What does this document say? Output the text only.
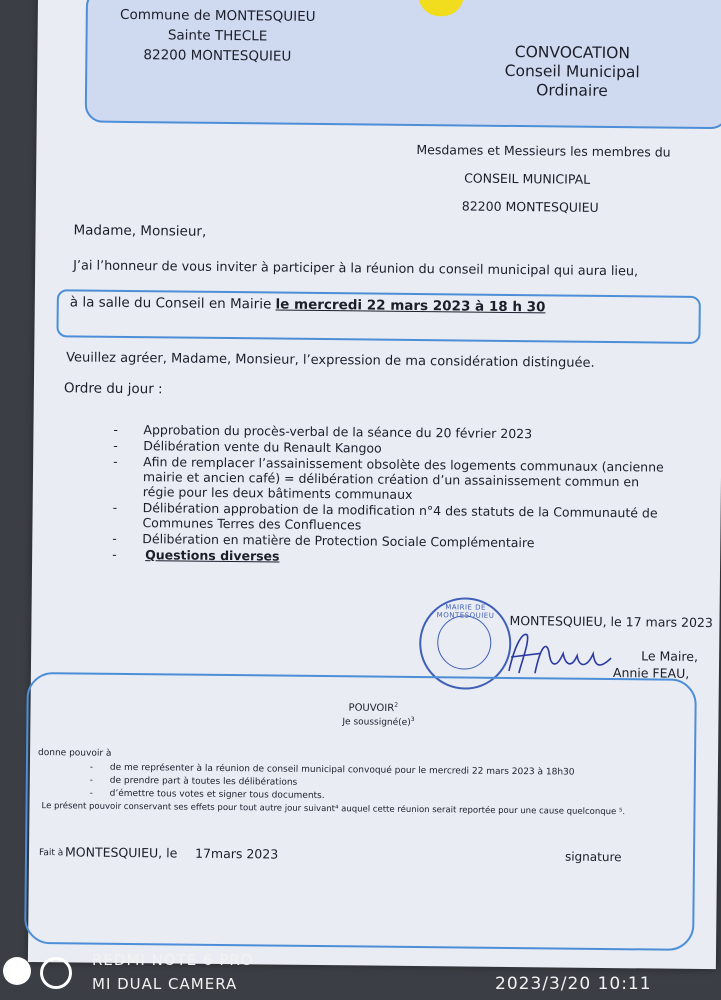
Commune de MONTESQUIEU
Sainte THECLE
82200 MONTESQUIEU	CONVOCATION
Conseil Municipal
Ordinaire
Mesdames et Messieurs les membres du
CONSEIL MUNICIPAL
82200 MONTESQUIEU
Madame, Monsieur,
J’ai l’honneur de vous inviter à participer à la réunion du conseil municipal qui aura lieu,
à la salle du Conseil en Mairie le mercredi 22 mars 2023 à 18 h 30
Veuillez agréer, Madame, Monsieur, l’expression de ma considération distinguée.
Ordre du jour :
- Approbation du procès-verbal de la séance du 20 février 2023
- Délibération vente du Renault Kangoo
- Afin de remplacer l’assainissement obsolète des logements communaux (ancienne mairie et ancien café) = délibération création d’un assainissement commun en régie pour les deux bâtiments communaux
- Délibération approbation de la modification n°4 des statuts de la Communauté de Communes Terres des Confluences
- Délibération en matière de Protection Sociale Complémentaire
- Questions diverses
MONTESQUIEU, le 17 mars 2023
Le Maire,
Annie FEAU,
MAIRIE DE MONTESQUIEU
POUVOIR$^2$
Je $soussigné(e)^3$
donne pouvoir à
- de me représenter à la réunion de conseil municipal convoqué pour le mercredi 22 mars 2023 à 18h30
- de prendre part à toutes les délibérations
- d’émettre tous votes et signer tous documents.
Le présent pouvoir conservant ses effets pour tout autre jour suivant⁴ auquel cette réunion serait reportée pour une cause quelconque ⁵.
Fait à MONTESQUIEU, le 17mars 2023	signature
REDMI NOTE 6 PRO
MI DUAL CAMERA	2023/3/20 10:11
